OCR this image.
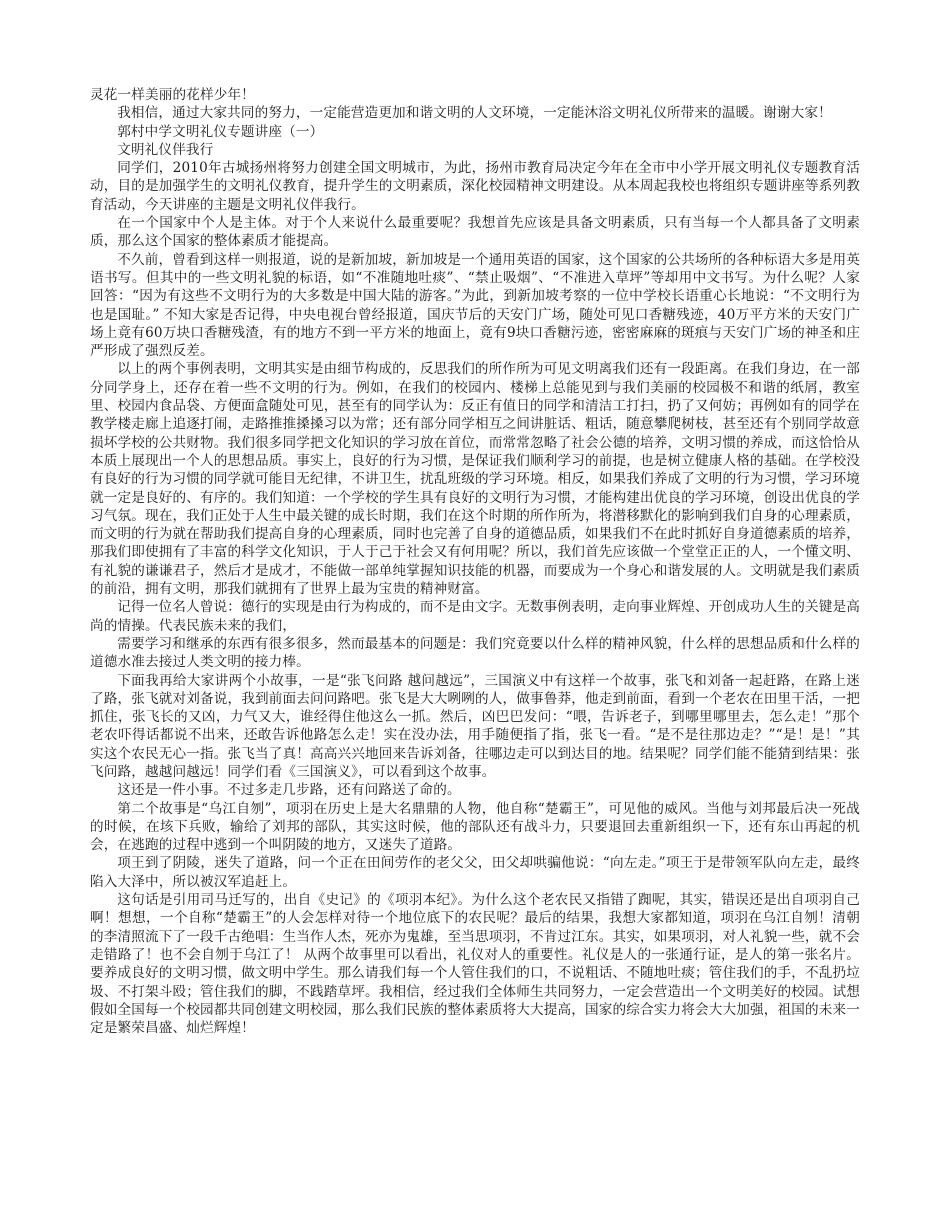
灵花一样美丽的花样少年！

我相信，通过大家共同的努力，一定能营造更加和谐文明的人文环境，一定能沐浴文明礼仪所带来的温暖。谢谢大家！

郭村中学文明礼仪专题讲座（一）

文明礼仪伴我行

同学们，2010年古城扬州将努力创建全国文明城市，为此，扬州市教育局决定今年在全市中小学开展文明礼仪专题教育活动，目的是加强学生的文明礼仪教育，提升学生的文明素质，深化校园精神文明建设。从本周起我校也将组织专题讲座等系列教育活动，今天讲座的主题是文明礼仪伴我行。

在一个国家中个人是主体。对于个人来说什么最重要呢？我想首先应该是具备文明素质，只有当每一个人都具备了文明素质，那么这个国家的整体素质才能提高。

不久前，曾看到这样一则报道，说的是新加坡，新加坡是一个通用英语的国家，这个国家的公共场所的各种标语大多是用英语书写。但其中的一些文明礼貌的标语，如“不准随地吐痰”、“禁止吸烟”、“不准进入草坪”等却用中文书写。为什么呢？人家回答：“因为有这些不文明行为的大多数是中国大陆的游客。”为此，到新加坡考察的一位中学校长语重心长地说：“不文明行为也是国耻。” 不知大家是否记得，中央电视台曾经报道，国庆节后的天安门广场，随处可见口香糖残迹，40万平方米的天安门广场上竟有60万块口香糖残渣，有的地方不到一平方米的地面上，竟有9块口香糖污迹，密密麻麻的斑痕与天安门广场的神圣和庄严形成了强烈反差。

以上的两个事例表明，文明其实是由细节构成的，反思我们的所作所为可见文明离我们还有一段距离。在我们身边，在一部分同学身上，还存在着一些不文明的行为。例如，在我们的校园内、楼梯上总能见到与我们美丽的校园极不和谐的纸屑，教室里、校园内食品袋、方便面盒随处可见，甚至有的同学认为：反正有值日的同学和清洁工打扫，扔了又何妨；再例如有的同学在教学楼走廊上追逐打闹，走路推推搡搡习以为常；还有部分同学相互之间讲脏话、粗话，随意攀爬树枝，甚至还有个别同学故意损坏学校的公共财物。我们很多同学把文化知识的学习放在首位，而常常忽略了社会公德的培养，文明习惯的养成，而这恰恰从本质上展现出一个人的思想品质。事实上，良好的行为习惯，是保证我们顺利学习的前提，也是树立健康人格的基础。在学校没有良好的行为习惯的同学就可能目无纪律，不讲卫生，扰乱班级的学习环境。相反，如果我们养成了文明的行为习惯，学习环境就一定是良好的、有序的。我们知道：一个学校的学生具有良好的文明行为习惯，才能构建出优良的学习环境，创设出优良的学习气氛。现在，我们正处于人生中最关键的成长时期，我们在这个时期的所作所为，将潜移默化的影响到我们自身的心理素质，而文明的行为就在帮助我们提高自身的心理素质，同时也完善了自身的道德品质，如果我们不在此时抓好自身道德素质的培养，那我们即使拥有了丰富的科学文化知识，于人于己于社会又有何用呢？所以，我们首先应该做一个堂堂正正的人，一个懂文明、有礼貌的谦谦君子，然后才是成才，不能做一部单纯掌握知识技能的机器，而要成为一个身心和谐发展的人。文明就是我们素质的前沿，拥有文明，那我们就拥有了世界上最为宝贵的精神财富。

记得一位名人曾说：德行的实现是由行为构成的，而不是由文字。无数事例表明，走向事业辉煌、开创成功人生的关键是高尚的情操。代表民族未来的我们，

需要学习和继承的东西有很多很多，然而最基本的问题是：我们究竟要以什么样的精神风貌，什么样的思想品质和什么样的道德水准去接过人类文明的接力棒。

下面我再给大家讲两个小故事，一是“张飞问路 越问越远”，三国演义中有这样一个故事，张飞和刘备一起赶路，在路上迷了路，张飞就对刘备说，我到前面去问问路吧。张飞是大大咧咧的人，做事鲁莽，他走到前面，看到一个老农在田里干活，一把抓住，张飞长的又凶，力气又大，谁经得住他这么一抓。然后，凶巴巴发问：“喂，告诉老子，到哪里哪里去，怎么走！”那个老农吓得话都说不出来，还敢告诉他路怎么走！实在没办法，用手随便指了指，张飞一看。“是不是往那边走？”“是！是！”其实这个农民无心一指。张飞当了真！高高兴兴地回来告诉刘备，往哪边走可以到达目的地。结果呢？同学们能不能猜到结果：张飞问路，越越问越远！同学们看《三国演义》，可以看到这个故事。

这还是一件小事。不过多走几步路，还有问路送了命的。

第二个故事是“乌江自刎”，项羽在历史上是大名鼎鼎的人物，他自称“楚霸王”，可见他的威风。当他与刘邦最后决一死战的时候，在垓下兵败，输给了刘邦的部队，其实这时候，他的部队还有战斗力，只要退回去重新组织一下，还有东山再起的机会，在逃跑的过程中逃到一个叫阴陵的地方，又迷失了道路。

项王到了阴陵，迷失了道路，问一个正在田间劳作的老父父，田父却哄骗他说：“向左走。”项王于是带领军队向左走，最终陷入大泽中，所以被汉军追赶上。

这句话是引用司马迁写的，出自《史记》的《项羽本纪》。为什么这个老农民又指错了踟呢，其实，错误还是出自项羽自己啊！想想，一个自称“楚霸王”的人会怎样对待一个地位底下的农民呢？最后的结果，我想大家都知道，项羽在乌江自刎！清朝的李清照流下了一段千古绝唱：生当作人杰，死亦为鬼雄，至当思项羽，不肯过江东。其实，如果项羽，对人礼貌一些，就不会走错路了！也不会自刎于乌江了！ 从两个故事里可以看出，礼仪对人的重要性。礼仪是人的一张通行证，是人的第一张名片。要养成良好的文明习惯，做文明中学生。那么请我们每一个人管住我们的口，不说粗话、不随地吐痰；管住我们的手，不乱扔垃圾、不打架斗殴；管住我们的脚，不践踏草坪。我相信，经过我们全体师生共同努力，一定会营造出一个文明美好的校园。试想假如全国每一个校园都共同创建文明校园，那么我们民族的整体素质将大大提高，国家的综合实力将会大大加强，祖国的未来一定是繁荣昌盛、灿烂辉煌！
